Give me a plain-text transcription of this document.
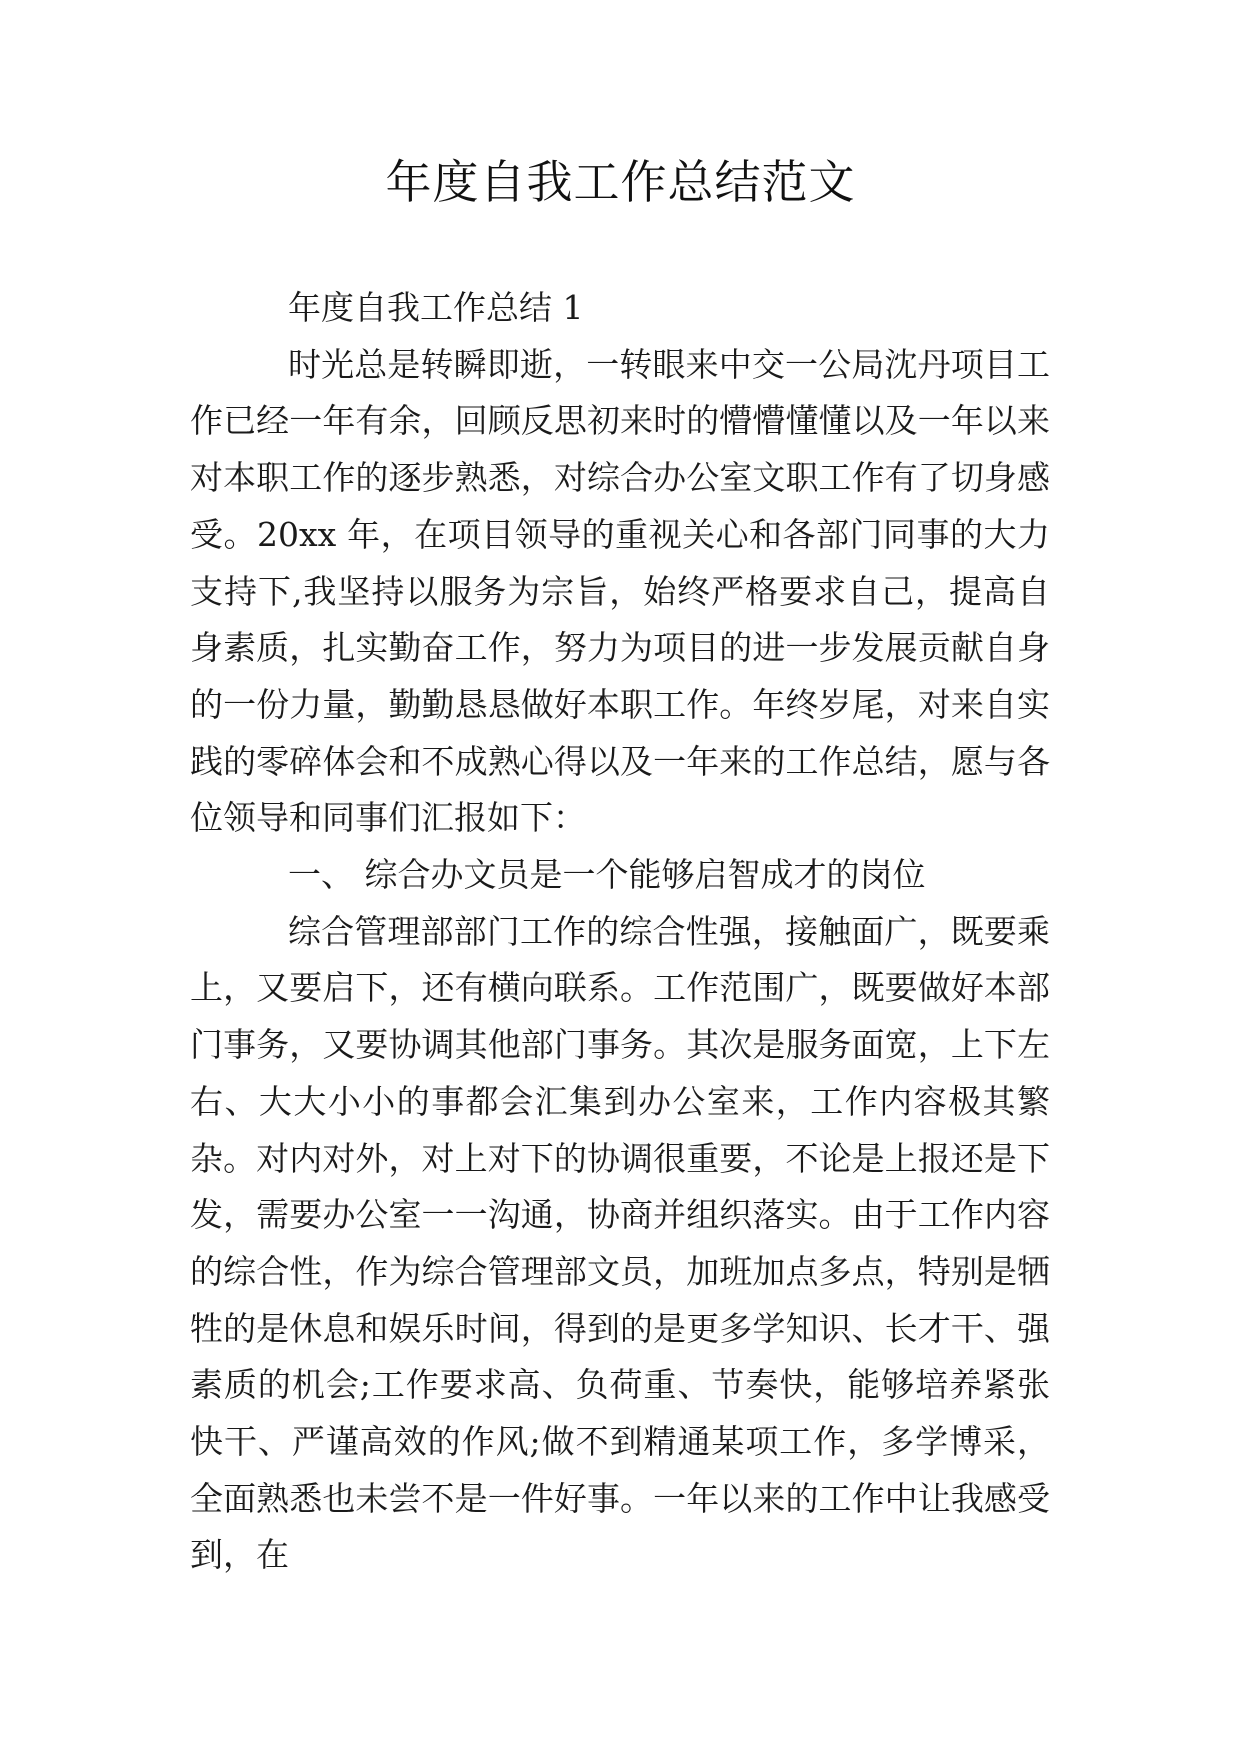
年度自我工作总结范文

年度自我工作总结 1

时光总是转瞬即逝，一转眼来中交一公局沈丹项目工作已经一年有余，回顾反思初来时的懵懵懂懂以及一年以来对本职工作的逐步熟悉，对综合办公室文职工作有了切身感受。20xx 年，在项目领导的重视关心和各部门同事的大力支持下,我坚持以服务为宗旨，始终严格要求自己，提高自身素质，扎实勤奋工作，努力为项目的进一步发展贡献自身的一份力量，勤勤恳恳做好本职工作。年终岁尾，对来自实践的零碎体会和不成熟心得以及一年来的工作总结，愿与各位领导和同事们汇报如下：

一、 综合办文员是一个能够启智成才的岗位

综合管理部部门工作的综合性强，接触面广，既要乘上，又要启下，还有横向联系。工作范围广，既要做好本部门事务，又要协调其他部门事务。其次是服务面宽，上下左右、大大小小的事都会汇集到办公室来，工作内容极其繁杂。对内对外，对上对下的协调很重要，不论是上报还是下发，需要办公室一一沟通，协商并组织落实。由于工作内容的综合性，作为综合管理部文员，加班加点多点，特别是牺牲的是休息和娱乐时间，得到的是更多学知识、长才干、强素质的机会;工作要求高、负荷重、节奏快，能够培养紧张快干、严谨高效的作风;做不到精通某项工作，多学博采，全面熟悉也未尝不是一件好事。一年以来的工作中让我感受到，在
